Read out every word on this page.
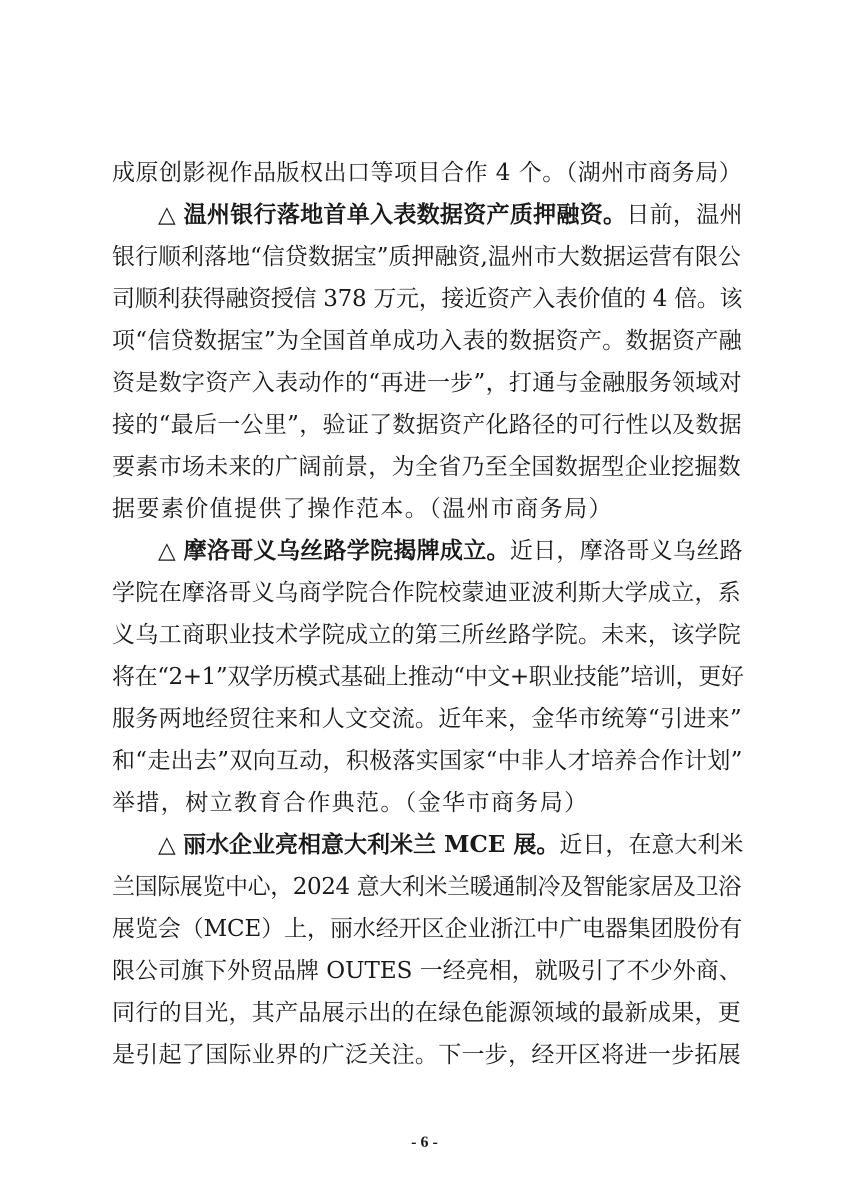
成原创影视作品版权出口等项目合作 4 个。（湖州市商务局）
△ 温州银行落地首单入表数据资产质押融资。日前，温州
银行顺利落地“信贷数据宝”质押融资,温州市大数据运营有限公
司顺利获得融资授信 378 万元，接近资产入表价值的 4 倍。该
项“信贷数据宝”为全国首单成功入表的数据资产。数据资产融
资是数字资产入表动作的“再进一步”，打通与金融服务领域对
接的“最后一公里”，验证了数据资产化路径的可行性以及数据
要素市场未来的广阔前景，为全省乃至全国数据型企业挖掘数
据要素价值提供了操作范本。（温州市商务局）
△ 摩洛哥义乌丝路学院揭牌成立。近日，摩洛哥义乌丝路
学院在摩洛哥义乌商学院合作院校蒙迪亚波利斯大学成立，系
义乌工商职业技术学院成立的第三所丝路学院。未来，该学院
将在“2+1”双学历模式基础上推动“中文+职业技能”培训，更好
服务两地经贸往来和人文交流。近年来，金华市统筹“引进来”
和“走出去”双向互动，积极落实国家“中非人才培养合作计划”
举措，树立教育合作典范。（金华市商务局）
△ 丽水企业亮相意大利米兰 MCE 展。近日，在意大利米
兰国际展览中心，2024 意大利米兰暖通制冷及智能家居及卫浴
展览会（MCE）上，丽水经开区企业浙江中广电器集团股份有
限公司旗下外贸品牌 OUTES 一经亮相，就吸引了不少外商、
同行的目光，其产品展示出的在绿色能源领域的最新成果，更
是引起了国际业界的广泛关注。下一步，经开区将进一步拓展
- 6 -
